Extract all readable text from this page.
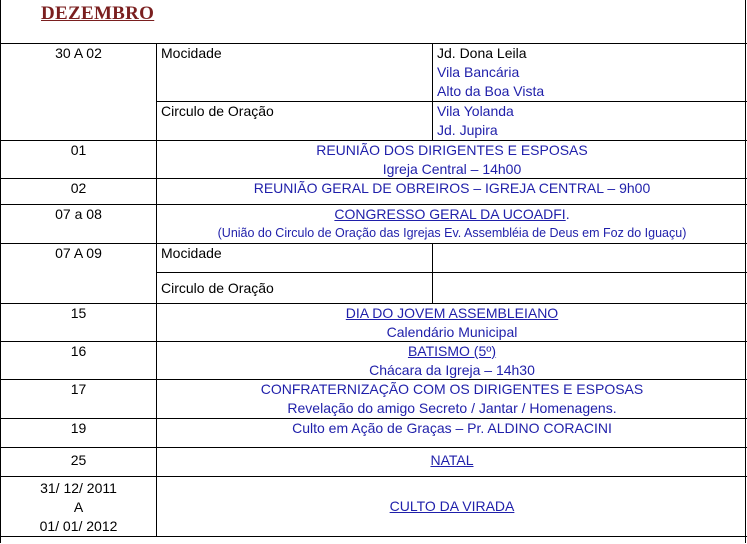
DEZEMBRO
30 A 02	Mocidade	Jd. Dona Leila
Vila Bancária
Alto da Boa Vista

	Circulo de Oração	Vila Yolanda
Jd. Jupira

01	REUNIÃO DOS DIRIGENTES E ESPOSAS
Igreja Central – 14h00	

02	REUNIÃO GERAL DE OBREIROS – IGREJA CENTRAL – 9h00	
07 a 08	CONGRESSO GERAL DA UCOADFI.
(União do Circulo de Oração das Igrejas Ev. Assembléia de Deus em Foz do Iguaçu)	

07 A 09	Mocidade	
	Circulo de Oração	
15	DIA DO JOVEM ASSEMBLEIANO
Calendário Municipal	

16	BATISMO (5º)
Chácara da Igreja – 14h30	

17	CONFRATERNIZAÇÃO COM OS DIRIGENTES E ESPOSAS
Revelação do amigo Secreto / Jantar / Homenagens.	

19	Culto em Ação de Graças – Pr. ALDINO CORACINI	
25	NATAL	

31/ 12/ 2011
A
01/ 01/ 2012	CULTO DA VIRADA	
